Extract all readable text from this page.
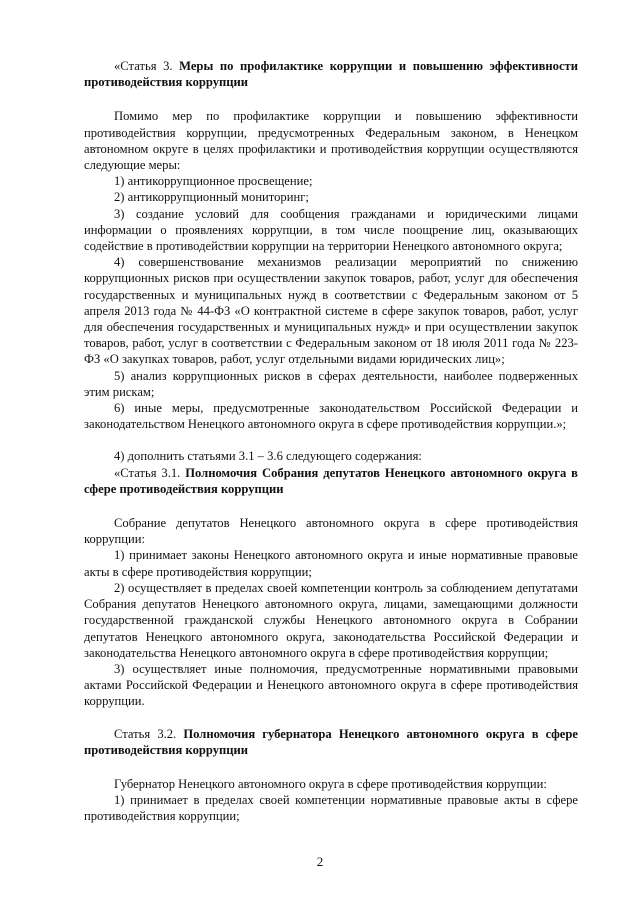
«Статья 3. Меры по профилактике коррупции и повышению эффективности противодействия коррупции

Помимо мер по профилактике коррупции и повышению эффективности противодействия коррупции, предусмотренных Федеральным законом, в Ненецком автономном округе в целях профилактики и противодействия коррупции осуществляются следующие меры:

1) антикоррупционное просвещение;

2) антикоррупционный мониторинг;

3) создание условий для сообщения гражданами и юридическими лицами информации о проявлениях коррупции, в том числе поощрение лиц, оказывающих содействие в противодействии коррупции на территории Ненецкого автономного округа;

4) совершенствование механизмов реализации мероприятий по снижению коррупционных рисков при осуществлении закупок товаров, работ, услуг для обеспечения государственных и муниципальных нужд в соответствии с Федеральным законом от 5 апреля 2013 года № 44-ФЗ «О контрактной системе в сфере закупок товаров, работ, услуг для обеспечения государственных и муниципальных нужд» и при осуществлении закупок товаров, работ, услуг в соответствии с Федеральным законом от 18 июля 2011 года № 223-ФЗ «О закупках товаров, работ, услуг отдельными видами юридических лиц»;

5) анализ коррупционных рисков в сферах деятельности, наиболее подверженных этим рискам;

6) иные меры, предусмотренные законодательством Российской Федерации и законодательством Ненецкого автономного округа в сфере противодействия коррупции.»;

4) дополнить статьями 3.1 – 3.6 следующего содержания:

«Статья 3.1. Полномочия Собрания депутатов Ненецкого автономного округа в сфере противодействия коррупции

Собрание депутатов Ненецкого автономного округа в сфере противодействия коррупции:

1) принимает законы Ненецкого автономного округа и иные нормативные правовые акты в сфере противодействия коррупции;

2) осуществляет в пределах своей компетенции контроль за соблюдением депутатами Собрания депутатов Ненецкого автономного округа, лицами, замещающими должности государственной гражданской службы Ненецкого автономного округа в Собрании депутатов Ненецкого автономного округа, законодательства Российской Федерации и законодательства Ненецкого автономного округа в сфере противодействия коррупции;

3) осуществляет иные полномочия, предусмотренные нормативными правовыми актами Российской Федерации и Ненецкого автономного округа в сфере противодействия коррупции.

Статья 3.2. Полномочия губернатора Ненецкого автономного округа в сфере противодействия коррупции

Губернатор Ненецкого автономного округа в сфере противодействия коррупции:

1) принимает в пределах своей компетенции нормативные правовые акты в сфере противодействия коррупции;

2
